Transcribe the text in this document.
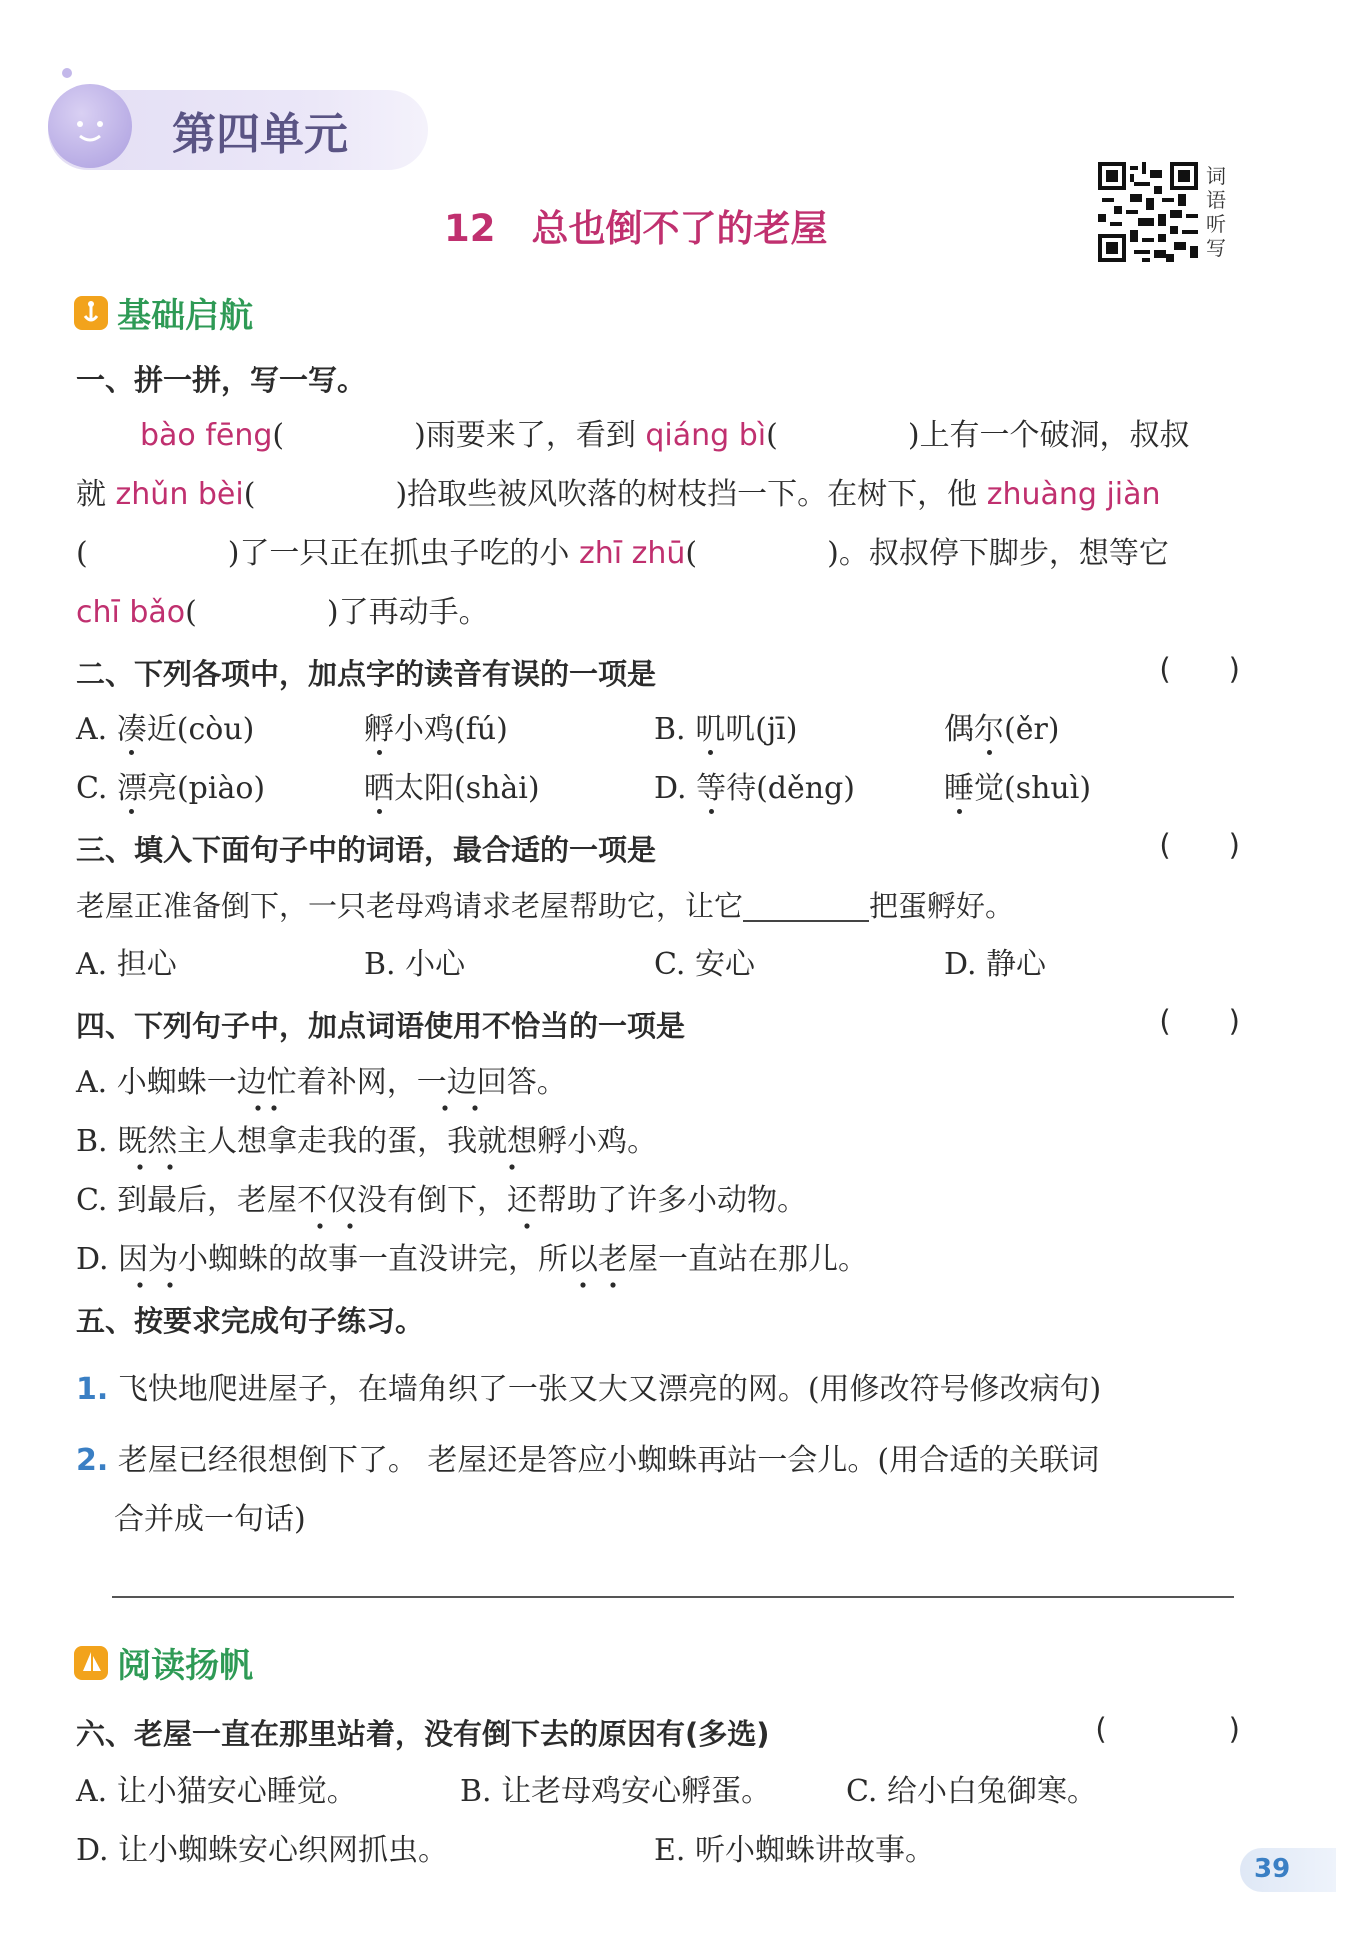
第四单元
12 总也倒不了的老屋
词
语
听
写
基础启航
一、拼一拼，写一写。
bào fēng(	)雨要来了，看到 qiáng bì(	)上有一个破洞，叔叔
就 zhǔn bèi(	)拾取些被风吹落的树枝挡一下。在树下，他 zhuàng jiàn
(	)了一只正在抓虫子吃的小 zhī zhū(	)。叔叔停下脚步，想等它
chī bǎo(	)了再动手。
二、下列各项中，加点字的读音有误的一项是	( )
A. 凑近(còu)	孵小鸡(fú)	B. 叽叽(jī)	偶尔(ěr)
C. 漂亮(piào)	晒太阳(shài)	D. 等待(děng)	睡觉(shuì)
三、填入下面句子中的词语，最合适的一项是	( )
老屋正准备倒下，一只老母鸡请求老屋帮助它，让它	把蛋孵好。
A. 担心	B. 小心	C. 安心	D. 静心
四、下列句子中，加点词语使用不恰当的一项是	( )
A. 小蜘蛛一边忙着补网，一边回答。
B. 既然主人想拿走我的蛋，我就想孵小鸡。
C. 到最后，老屋不仅没有倒下，还帮助了许多小动物。
D. 因为小蜘蛛的故事一直没讲完，所以老屋一直站在那儿。
五、按要求完成句子练习。
1. 飞快地爬进屋子，在墙角织了一张又大又漂亮的网。(用修改符号修改病句)
2. 老屋已经很想倒下了。 老屋还是答应小蜘蛛再站一会儿。(用合适的关联词
合并成一句话)
阅读扬帆
六、老屋一直在那里站着，没有倒下去的原因有(多选)	(	)
A. 让小猫安心睡觉。	B. 让老母鸡安心孵蛋。 C. 给小白兔御寒。
D. 让小蜘蛛安心织网抓虫。	E. 听小蜘蛛讲故事。
39
